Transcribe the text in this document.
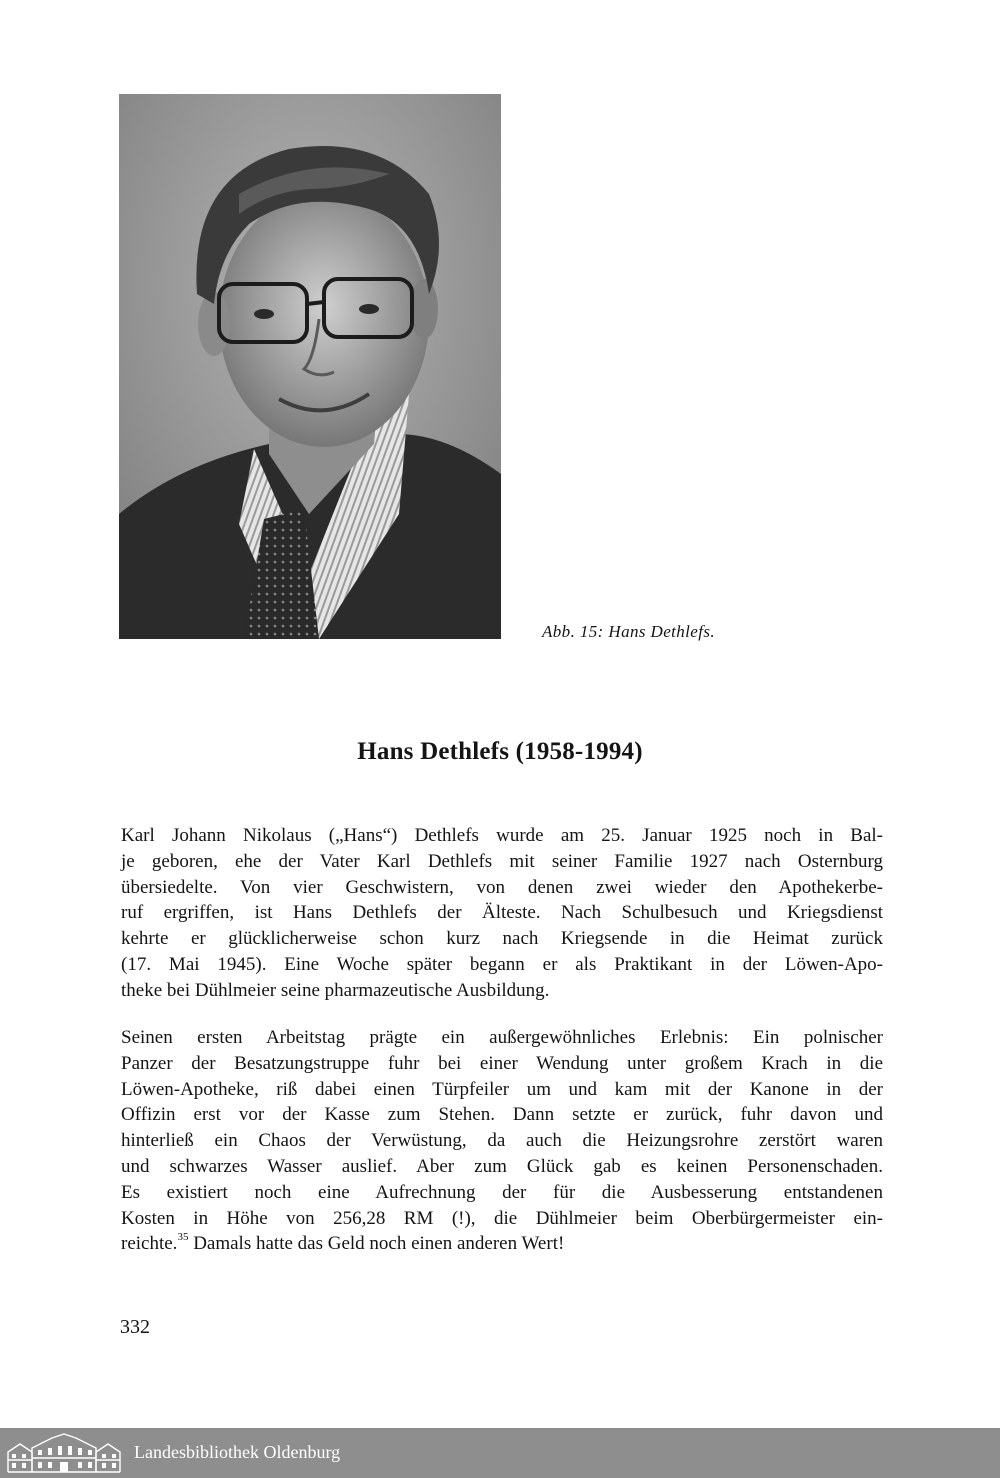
Abb. 15: Hans Dethlefs.
Hans Dethlefs (1958-1994)

Karl Johann Nikolaus („Hans“) Dethlefs wurde am 25. Januar 1925 noch in Bal-
je geboren, ehe der Vater Karl Dethlefs mit seiner Familie 1927 nach Osternburg
übersiedelte. Von vier Geschwistern, von denen zwei wieder den Apothekerbe-
ruf ergriffen, ist Hans Dethlefs der Älteste. Nach Schulbesuch und Kriegsdienst
kehrte er glücklicherweise schon kurz nach Kriegsende in die Heimat zurück
(17. Mai 1945). Eine Woche später begann er als Praktikant in der Löwen-Apo-
theke bei Dühlmeier seine pharmazeutische Ausbildung.

Seinen ersten Arbeitstag prägte ein außergewöhnliches Erlebnis: Ein polnischer
Panzer der Besatzungstruppe fuhr bei einer Wendung unter großem Krach in die
Löwen-Apotheke, riß dabei einen Türpfeiler um und kam mit der Kanone in der
Offizin erst vor der Kasse zum Stehen. Dann setzte er zurück, fuhr davon und
hinterließ ein Chaos der Verwüstung, da auch die Heizungsrohre zerstört waren
und schwarzes Wasser auslief. Aber zum Glück gab es keinen Personenschaden.
Es existiert noch eine Aufrechnung der für die Ausbesserung entstandenen
Kosten in Höhe von 256,28 RM (!), die Dühlmeier beim Oberbürgermeister ein-
reichte.$^{35}$ Damals hatte das Geld noch einen anderen Wert!

332
Landesbibliothek Oldenburg
